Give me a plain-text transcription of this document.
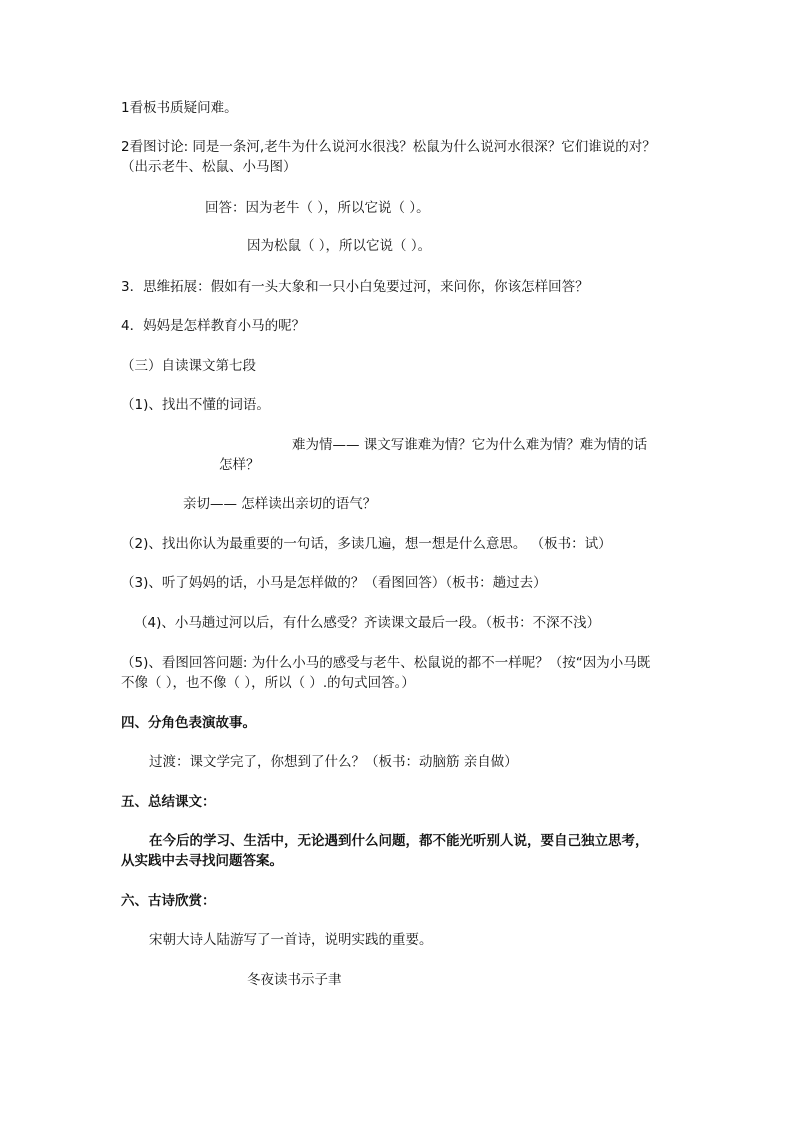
1看板书质疑问难。
2看图讨论: 同是一条河,老牛为什么说河水很浅？松鼠为什么说河水很深？它们谁说的对？
（出示老牛、松鼠、小马图）
回答：因为老牛（ ），所以它说（ ）。
因为松鼠（ ），所以它说（ ）。
3．思维拓展：假如有一头大象和一只小白兔要过河，来问你，你该怎样回答？
4．妈妈是怎样教育小马的呢？
（三）自读课文第七段
（1)、找出不懂的词语。
难为情—— 课文写谁难为情？它为什么难为情？难为情的话
怎样？
亲切—— 怎样读出亲切的语气？
（2)、找出你认为最重要的一句话，多读几遍，想一想是什么意思。 （板书：试）
（3)、听了妈妈的话，小马是怎样做的？（看图回答）（板书：趟过去）
（4)、小马趟过河以后，有什么感受？齐读课文最后一段。（板书：不深不浅）
（5)、看图回答问题: 为什么小马的感受与老牛、松鼠说的都不一样呢？（按“因为小马既
不像（ ），也不像（ ），所以（ ）.的句式回答。）
四、分角色表演故事。
过渡：课文学完了，你想到了什么？（板书：动脑筋 亲自做）
五、总结课文：
在今后的学习、生活中，无论遇到什么问题，都不能光听别人说，要自己独立思考，
从实践中去寻找问题答案。
六、古诗欣赏：
宋朝大诗人陆游写了一首诗，说明实践的重要。
冬夜读书示子聿
